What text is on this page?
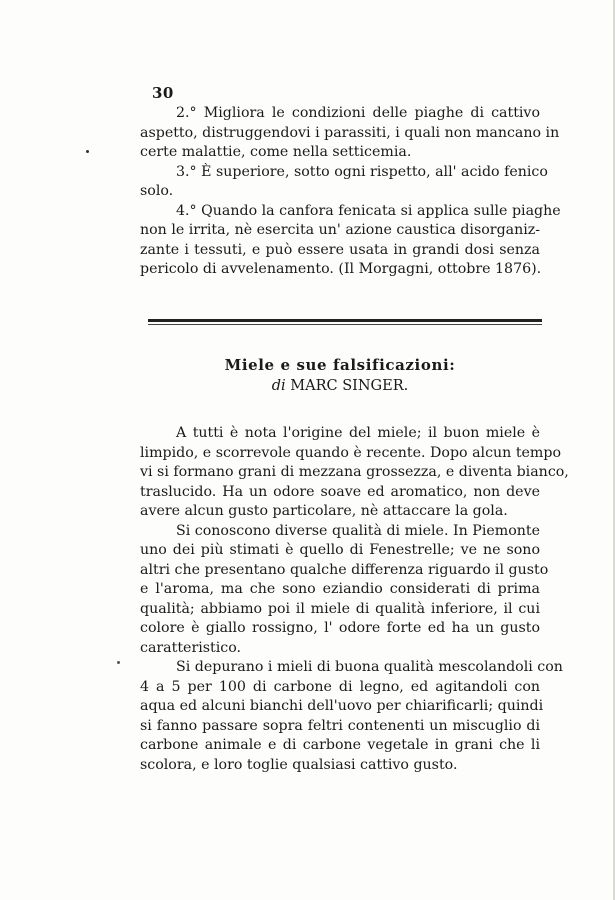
30

2.° Migliora le condizioni delle piaghe di cattivo
aspetto, distruggendovi i parassiti, i quali non mancano in
certe malattie, come nella setticemia.

3.° È superiore, sotto ogni rispetto, all' acido fenico
solo.

4.° Quando la canfora fenicata si applica sulle piaghe
non le irrita, nè esercita un' azione caustica disorganiz-
zante i tessuti, e può essere usata in grandi dosi senza
pericolo di avvelenamento. (Il Morgagni, ottobre 1876).

Miele e sue falsificazioni:
di MARC SINGER.

A tutti è nota l'origine del miele; il buon miele è
limpido, e scorrevole quando è recente. Dopo alcun tempo
vi si formano grani di mezzana grossezza, e diventa bianco,
traslucido. Ha un odore soave ed aromatico, non deve
avere alcun gusto particolare, nè attaccare la gola.

Si conoscono diverse qualità di miele. In Piemonte
uno dei più stimati è quello di Fenestrelle; ve ne sono
altri che presentano qualche differenza riguardo il gusto
e l'aroma, ma che sono eziandio considerati di prima
qualità; abbiamo poi il miele di qualità inferiore, il cui
colore è giallo rossigno, l' odore forte ed ha un gusto
caratteristico.

Si depurano i mieli di buona qualità mescolandoli con
4 a 5 per 100 di carbone di legno, ed agitandoli con
aqua ed alcuni bianchi dell'uovo per chiarificarli; quindi
si fanno passare sopra feltri contenenti un miscuglio di
carbone animale e di carbone vegetale in grani che li
scolora, e loro toglie qualsiasi cattivo gusto.
